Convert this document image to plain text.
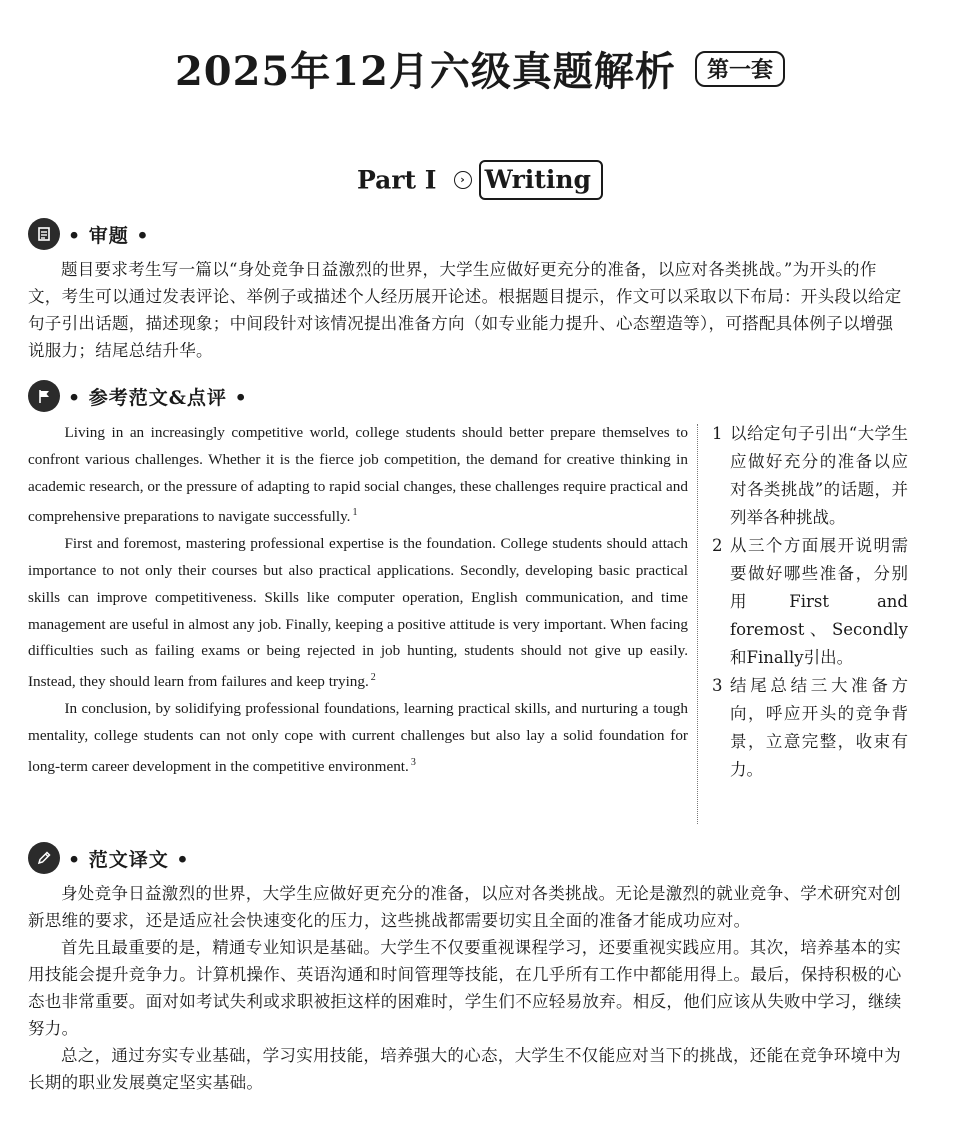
2025年12月六级真题解析 第一套
Part I › Writing
• 审题 •

题目要求考生写一篇以“身处竞争日益激烈的世界，大学生应做好更充分的准备，以应对各类挑战。”为开头的作文，考生可以通过发表评论、举例子或描述个人经历展开论述。根据题目提示，作文可以采取以下布局：开头段以给定句子引出话题，描述现象；中间段针对该情况提出准备方向（如专业能力提升、心态塑造等），可搭配具体例子以增强说服力；结尾总结升华。

• 参考范文&点评 •

Living in an increasingly competitive world, college students should better prepare themselves to confront various challenges. Whether it is the fierce job competition, the demand for creative thinking in academic research, or the pressure of adapting to rapid social changes, these challenges require practical and comprehensive preparations to navigate successfully. $^1$

First and foremost, mastering professional expertise is the foundation. College students should attach importance to not only their courses but also practical applications. Secondly, developing basic practical skills can improve competitiveness. Skills like computer operation, English communication, and time management are useful in almost any job. Finally, keeping a positive attitude is very important. When facing difficulties such as failing exams or being rejected in job hunting, students should not give up easily. Instead, they should learn from failures and keep trying. $^2$

In conclusion, by solidifying professional foundations, learning practical skills, and nurturing a tough mentality, college students can not only cope with current challenges but also lay a solid foundation for long-term career development in the competitive environment. $^3$

1 以给定句子引出“大学生应做好充分的准备以应对各类挑战”的话题，并列举各种挑战。
2 从三个方面展开说明需要做好哪些准备，分别用First and foremost、Secondly和Finally引出。
3 结尾总结三大准备方向，呼应开头的竞争背景，立意完整，收束有力。
• 范文译文 •

身处竞争日益激烈的世界，大学生应做好更充分的准备，以应对各类挑战。无论是激烈的就业竞争、学术研究对创新思维的要求，还是适应社会快速变化的压力，这些挑战都需要切实且全面的准备才能成功应对。

首先且最重要的是，精通专业知识是基础。大学生不仅要重视课程学习，还要重视实践应用。其次，培养基本的实用技能会提升竞争力。计算机操作、英语沟通和时间管理等技能，在几乎所有工作中都能用得上。最后，保持积极的心态也非常重要。面对如考试失利或求职被拒这样的困难时，学生们不应轻易放弃。相反，他们应该从失败中学习，继续努力。

总之，通过夯实专业基础，学习实用技能，培养强大的心态，大学生不仅能应对当下的挑战，还能在竞争环境中为长期的职业发展奠定坚实基础。
